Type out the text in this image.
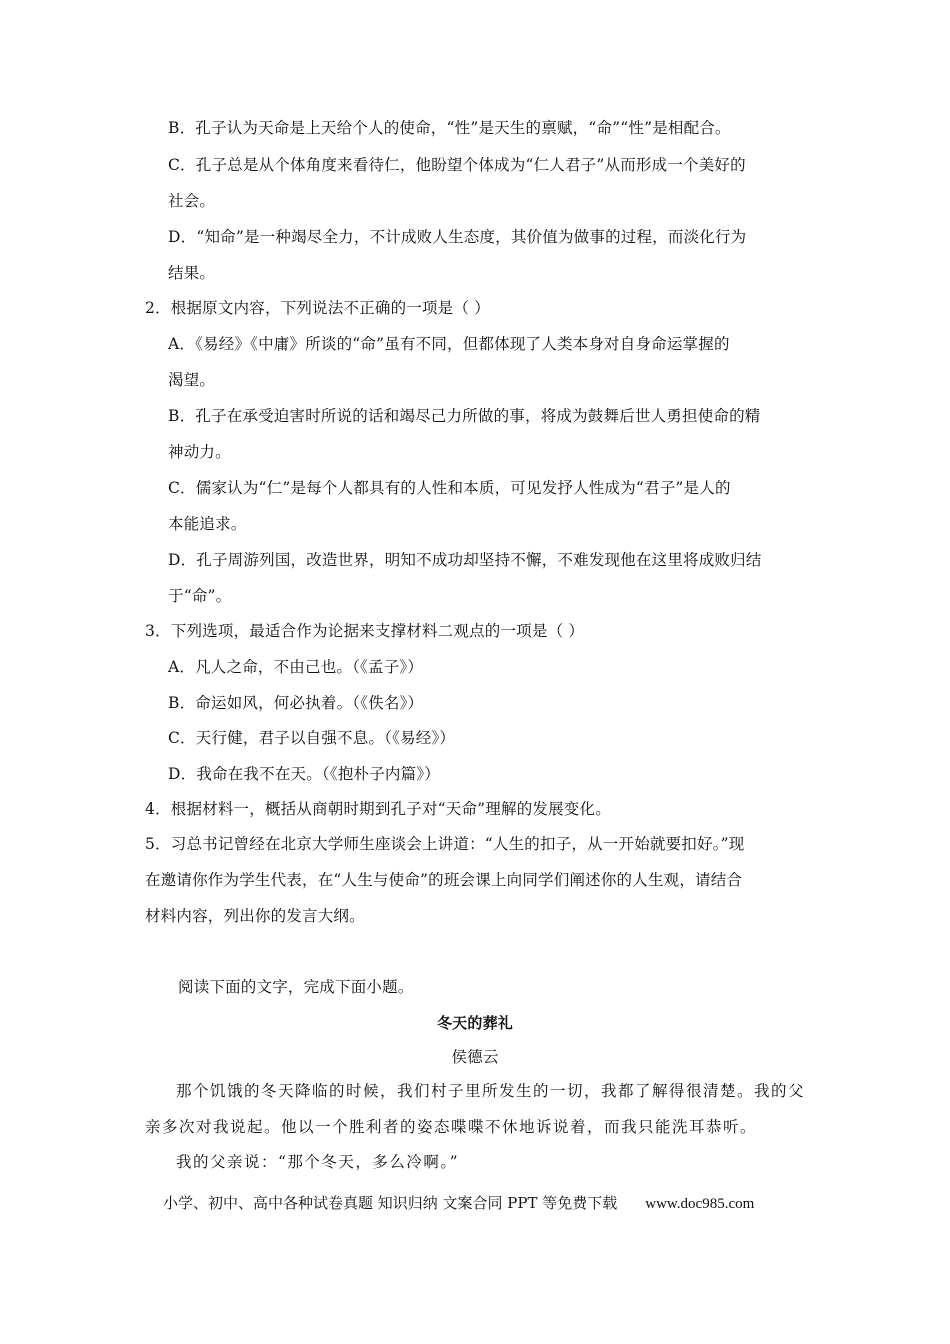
B．孔子认为天命是上天给个人的使命，“性”是天生的禀赋，“命”“性”是相配合。
C．孔子总是从个体角度来看待仁，他盼望个体成为“仁人君子”从而形成一个美好的
社会。
D．“知命”是一种竭尽全力，不计成败人生态度，其价值为做事的过程，而淡化行为
结果。
2．根据原文内容，下列说法不正确的一项是（ ）
A．《易经》《中庸》所谈的“命”虽有不同，但都体现了人类本身对自身命运掌握的
渴望。
B．孔子在承受迫害时所说的话和竭尽己力所做的事，将成为鼓舞后世人勇担使命的精
神动力。
C．儒家认为“仁”是每个人都具有的人性和本质，可见发抒人性成为“君子”是人的
本能追求。
D．孔子周游列国，改造世界，明知不成功却坚持不懈，不难发现他在这里将成败归结
于“命”。
3．下列选项，最适合作为论据来支撑材料二观点的一项是（ ）
A．凡人之命，不由己也。（《孟子》）
B．命运如风，何必执着。（《佚名》）
C．天行健，君子以自强不息。（《易经》）
D．我命在我不在天。（《抱朴子内篇》）
4．根据材料一，概括从商朝时期到孔子对“天命”理解的发展变化。
5．习总书记曾经在北京大学师生座谈会上讲道：“人生的扣子，从一开始就要扣好。”现
在邀请你作为学生代表，在“人生与使命”的班会课上向同学们阐述你的人生观，请结合
材料内容，列出你的发言大纲。
阅读下面的文字，完成下面小题。
冬天的葬礼
侯德云
那个饥饿的冬天降临的时候，我们村子里所发生的一切，我都了解得很清楚。我的父
亲多次对我说起。他以一个胜利者的姿态喋喋不休地诉说着，而我只能洗耳恭听。
我的父亲说：“那个冬天，多么冷啊。”
小学、初中、高中各种试卷真题 知识归纳 文案合同 PPT 等免费下载 www.doc985.com
